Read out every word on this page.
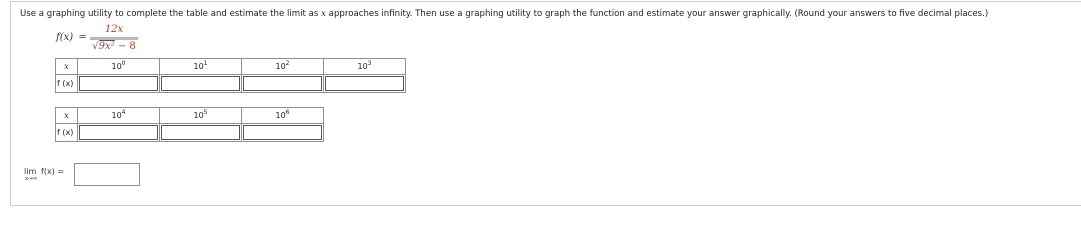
Use a graphing utility to complete the table and estimate the limit as x approaches infinity. Then use a graphing utility to graph the function and estimate your answer graphically. (Round your answers to five decimal places.)
f(x) =
12x
√9x² − 8
x	$10^0$	$10^1$	$10^2$	$10^3$
f (x)	

x	$10^4$	$10^5$	$10^6$
f (x)	

lim
x→∞
f(x) =
